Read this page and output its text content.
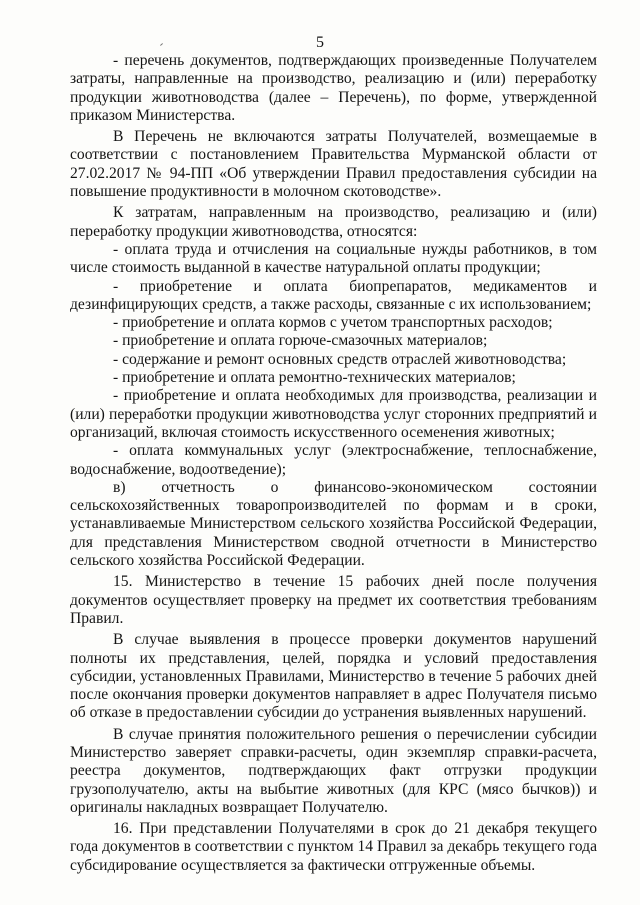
5

- перечень документов, подтверждающих произведенные Получателем затраты, направленные на производство, реализацию и (или) переработку продукции животноводства (далее – Перечень), по форме, утвержденной приказом Министерства.

В Перечень не включаются затраты Получателей, возмещаемые в соответствии с постановлением Правительства Мурманской области от 27.02.2017 № 94-ПП «Об утверждении Правил предоставления субсидии на повышение продуктивности в молочном скотоводстве».

К затратам, направленным на производство, реализацию и (или) переработку продукции животноводства, относятся:

- оплата труда и отчисления на социальные нужды работников, в том числе стоимость выданной в качестве натуральной оплаты продукции;

- приобретение и оплата биопрепаратов, медикаментов и дезинфицирующих средств, а также расходы, связанные с их использованием;

- приобретение и оплата кормов с учетом транспортных расходов;

- приобретение и оплата горюче-смазочных материалов;

- содержание и ремонт основных средств отраслей животноводства;

- приобретение и оплата ремонтно-технических материалов;

- приобретение и оплата необходимых для производства, реализации и (или) переработки продукции животноводства услуг сторонних предприятий и организаций, включая стоимость искусственного осеменения животных;

- оплата коммунальных услуг (электроснабжение, теплоснабжение, водоснабжение, водоотведение);

в) отчетность о финансово-экономическом состоянии сельскохозяйственных товаропроизводителей по формам и в сроки, устанавливаемые Министерством сельского хозяйства Российской Федерации, для представления Министерством сводной отчетности в Министерство сельского хозяйства Российской Федерации.

15. Министерство в течение 15 рабочих дней после получения документов осуществляет проверку на предмет их соответствия требованиям Правил.

В случае выявления в процессе проверки документов нарушений полноты их представления, целей, порядка и условий предоставления субсидии, установленных Правилами, Министерство в течение 5 рабочих дней после окончания проверки документов направляет в адрес Получателя письмо об отказе в предоставлении субсидии до устранения выявленных нарушений.

В случае принятия положительного решения о перечислении субсидии Министерство заверяет справки-расчеты, один экземпляр справки-расчета, реестра документов, подтверждающих факт отгрузки продукции грузополучателю, акты на выбытие животных (для КРС (мясо бычков)) и оригиналы накладных возвращает Получателю.

16. При представлении Получателями в срок до 21 декабря текущего года документов в соответствии с пунктом 14 Правил за декабрь текущего года субсидирование осуществляется за фактически отгруженные объемы.
